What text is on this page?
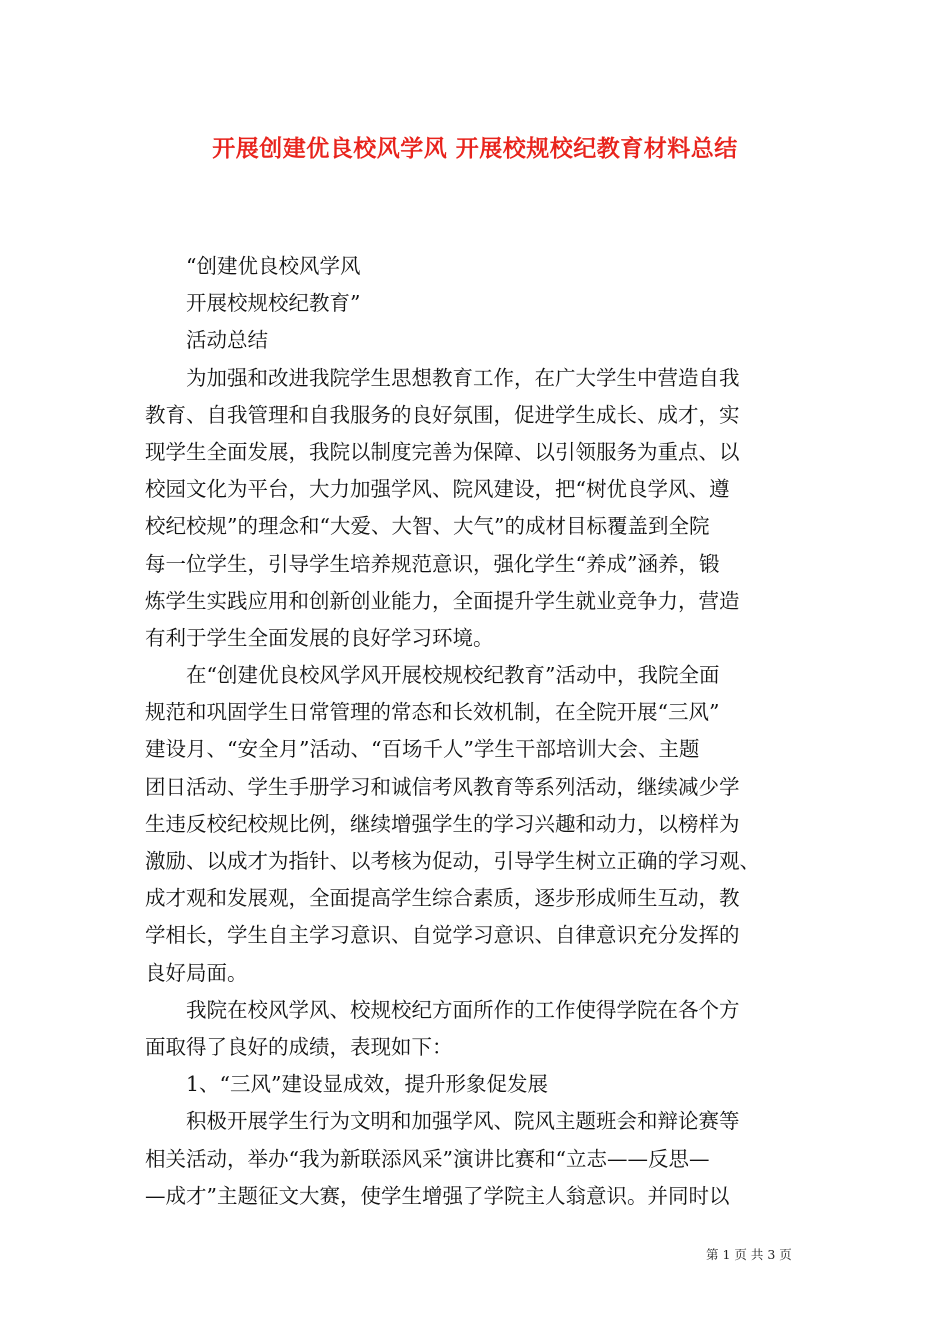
开展创建优良校风学风 开展校规校纪教育材料总结
“创建优良校风学风
开展校规校纪教育”
活动总结
为加强和改进我院学生思想教育工作，在广大学生中营造自我
教育、自我管理和自我服务的良好氛围，促进学生成长、成才，实
现学生全面发展，我院以制度完善为保障、以引领服务为重点、以
校园文化为平台，大力加强学风、院风建设，把“树优良学风、遵
校纪校规”的理念和“大爱、大智、大气”的成材目标覆盖到全院
每一位学生，引导学生培养规范意识，强化学生“养成”涵养，锻
炼学生实践应用和创新创业能力，全面提升学生就业竞争力，营造
有利于学生全面发展的良好学习环境。
在“创建优良校风学风开展校规校纪教育”活动中，我院全面
规范和巩固学生日常管理的常态和长效机制，在全院开展“三风”
建设月、“安全月”活动、“百场千人”学生干部培训大会、主题
团日活动、学生手册学习和诚信考风教育等系列活动，继续减少学
生违反校纪校规比例，继续增强学生的学习兴趣和动力，以榜样为
激励、以成才为指针、以考核为促动，引导学生树立正确的学习观、
成才观和发展观，全面提高学生综合素质，逐步形成师生互动，教
学相长，学生自主学习意识、自觉学习意识、自律意识充分发挥的
良好局面。
我院在校风学风、校规校纪方面所作的工作使得学院在各个方
面取得了良好的成绩，表现如下：
1、“三风”建设显成效，提升形象促发展
积极开展学生行为文明和加强学风、院风主题班会和辩论赛等
相关活动，举办“我为新联添风采”演讲比赛和“立志——反思—
—成才”主题征文大赛，使学生增强了学院主人翁意识。并同时以
第 1 页 共 3 页
